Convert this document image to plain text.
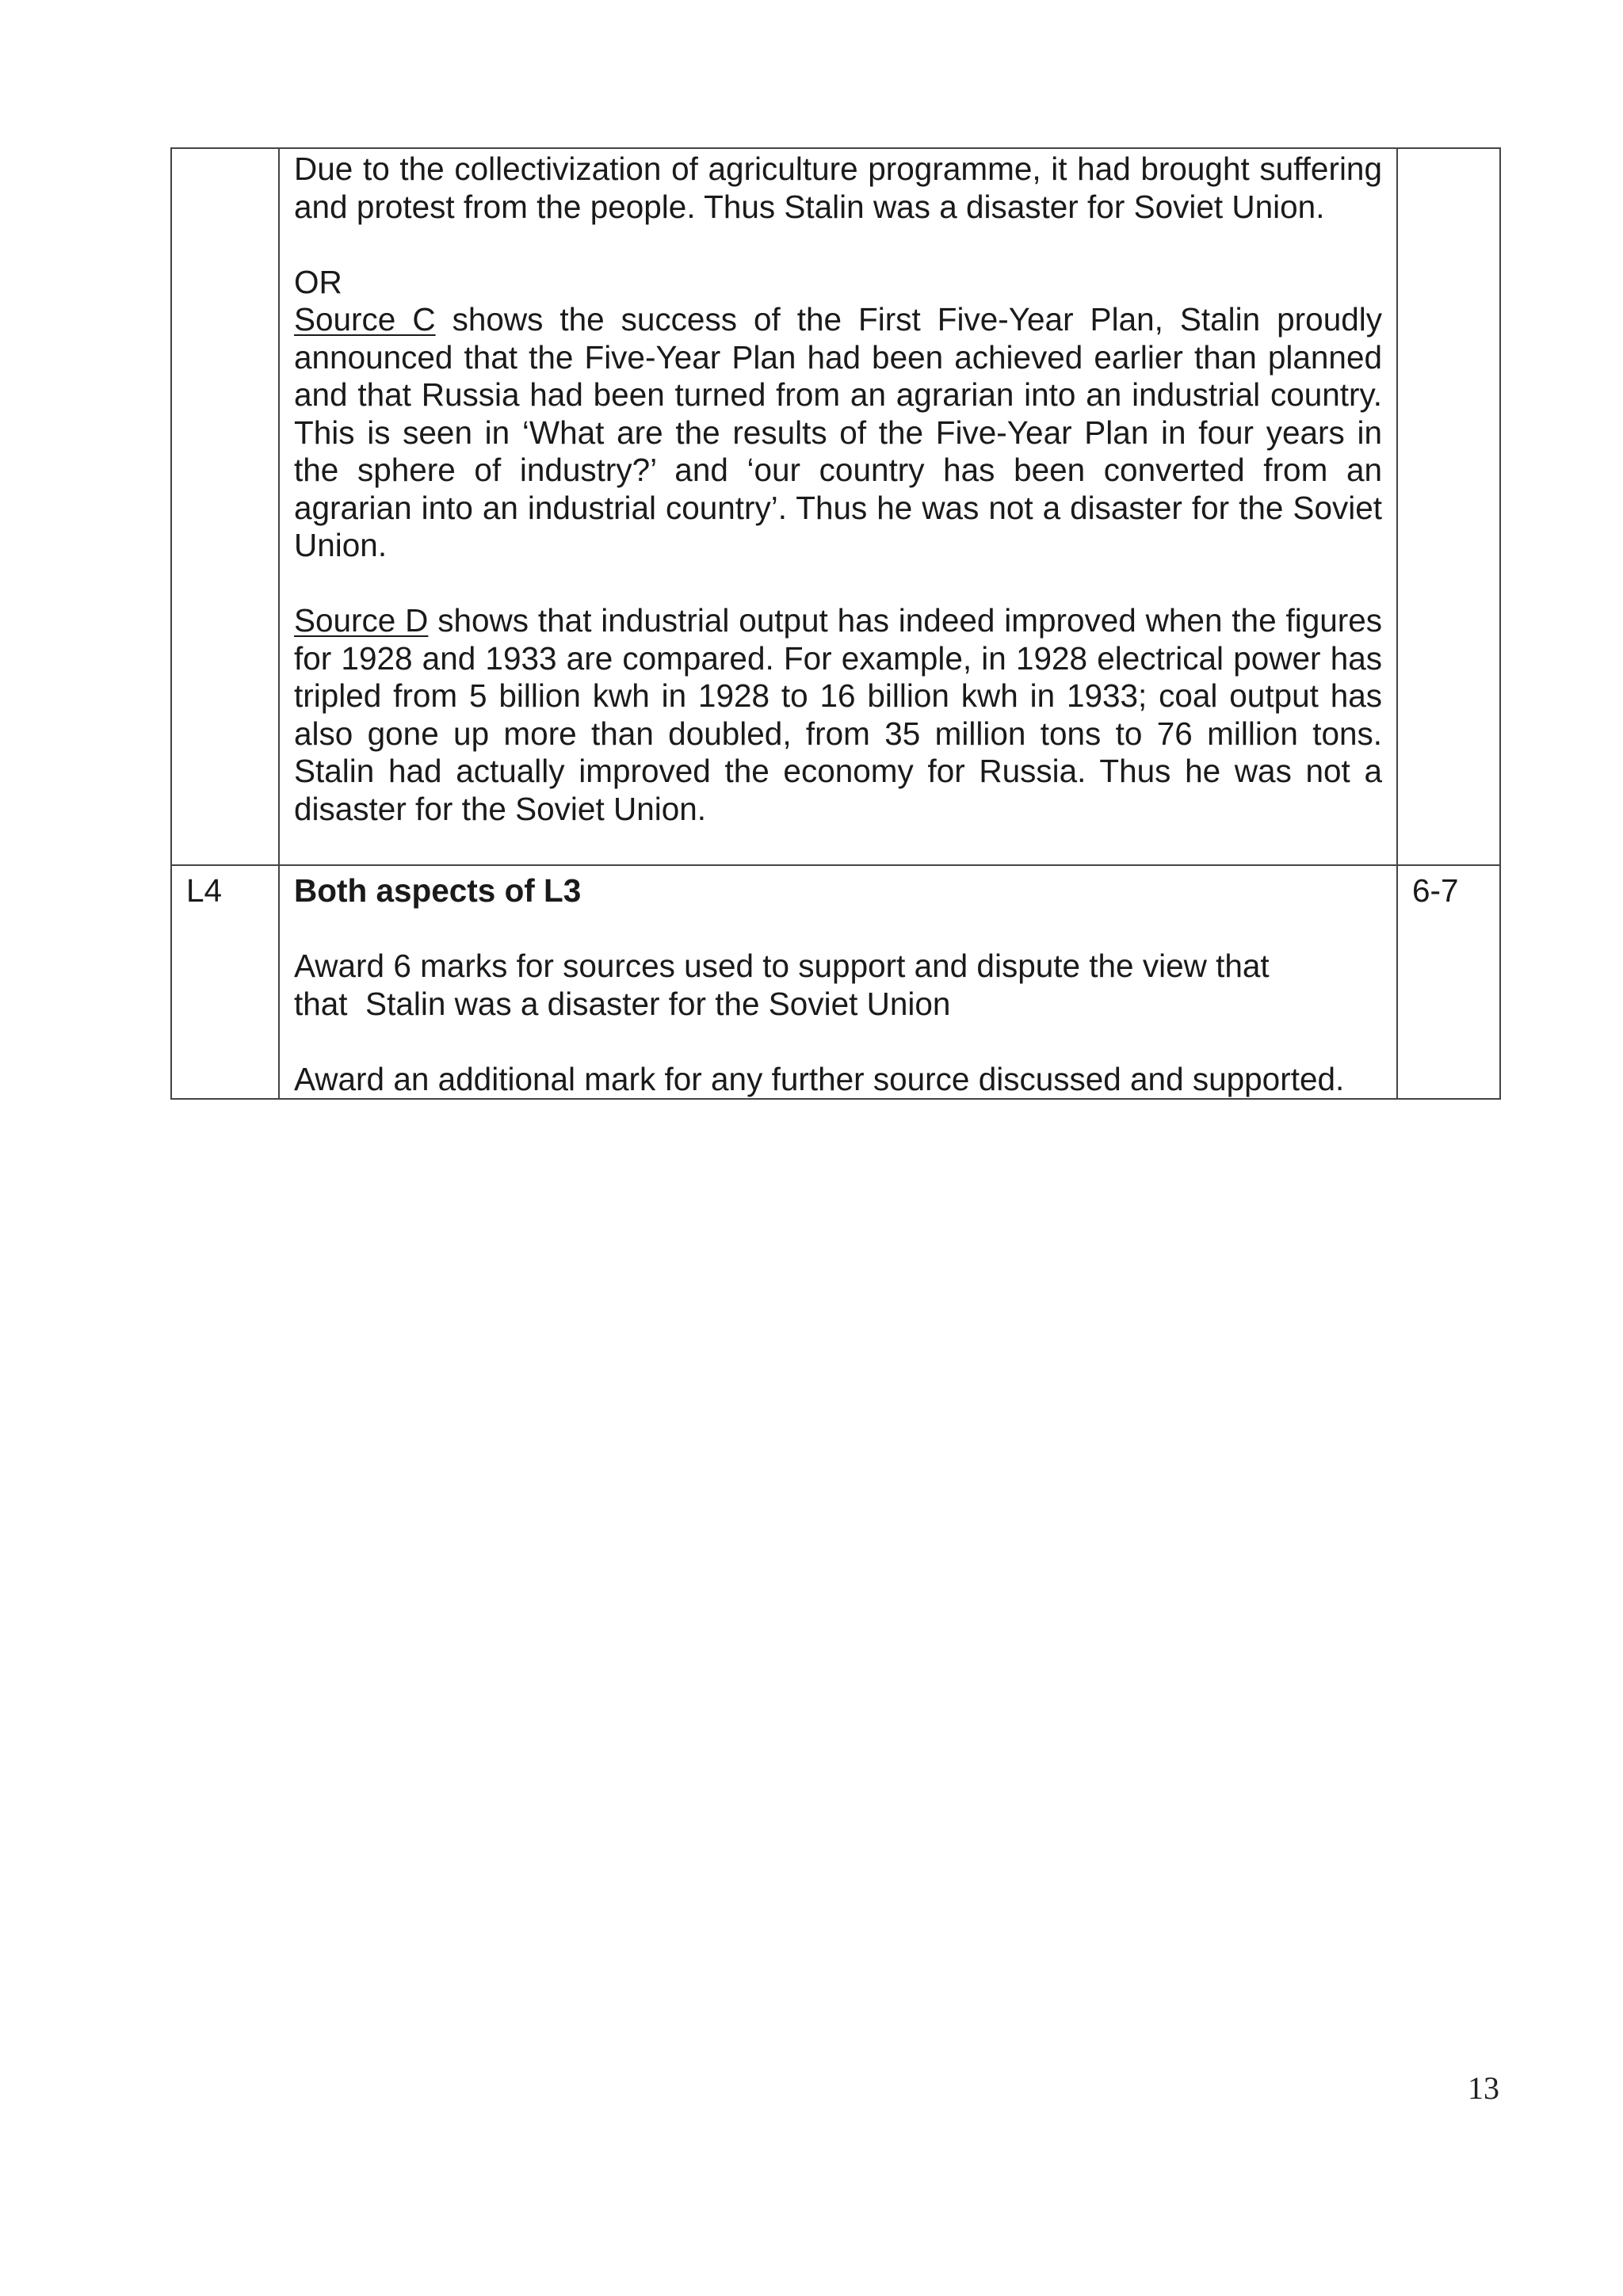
	Due to the collectivization of agriculture programme, it had brought suffering and protest from the people. Thus Stalin was a disaster for Soviet Union.

OR

Source C shows the success of the First Five-Year Plan, Stalin proudly announced that the Five-Year Plan had been achieved earlier than planned and that Russia had been turned from an agrarian into an industrial country. This is seen in ‘What are the results of the Five-Year Plan in four years in the sphere of industry?’ and ‘our country has been converted from an agrarian into an industrial country’. Thus he was not a disaster for the Soviet Union.

Source D shows that industrial output has indeed improved when the figures for 1928 and 1933 are compared. For example, in 1928 electrical power has tripled from 5 billion kwh in 1928 to 16 billion kwh in 1933; coal output has also gone up more than doubled, from 35 million tons to 76 million tons. Stalin had actually improved the economy for Russia. Thus he was not a disaster for the Soviet Union.	

L4	Both aspects of L3

Award 6 marks for sources used to support and dispute the view that

that  Stalin was a disaster for the Soviet Union

Award an additional mark for any further source discussed and supported.	6-7
13
